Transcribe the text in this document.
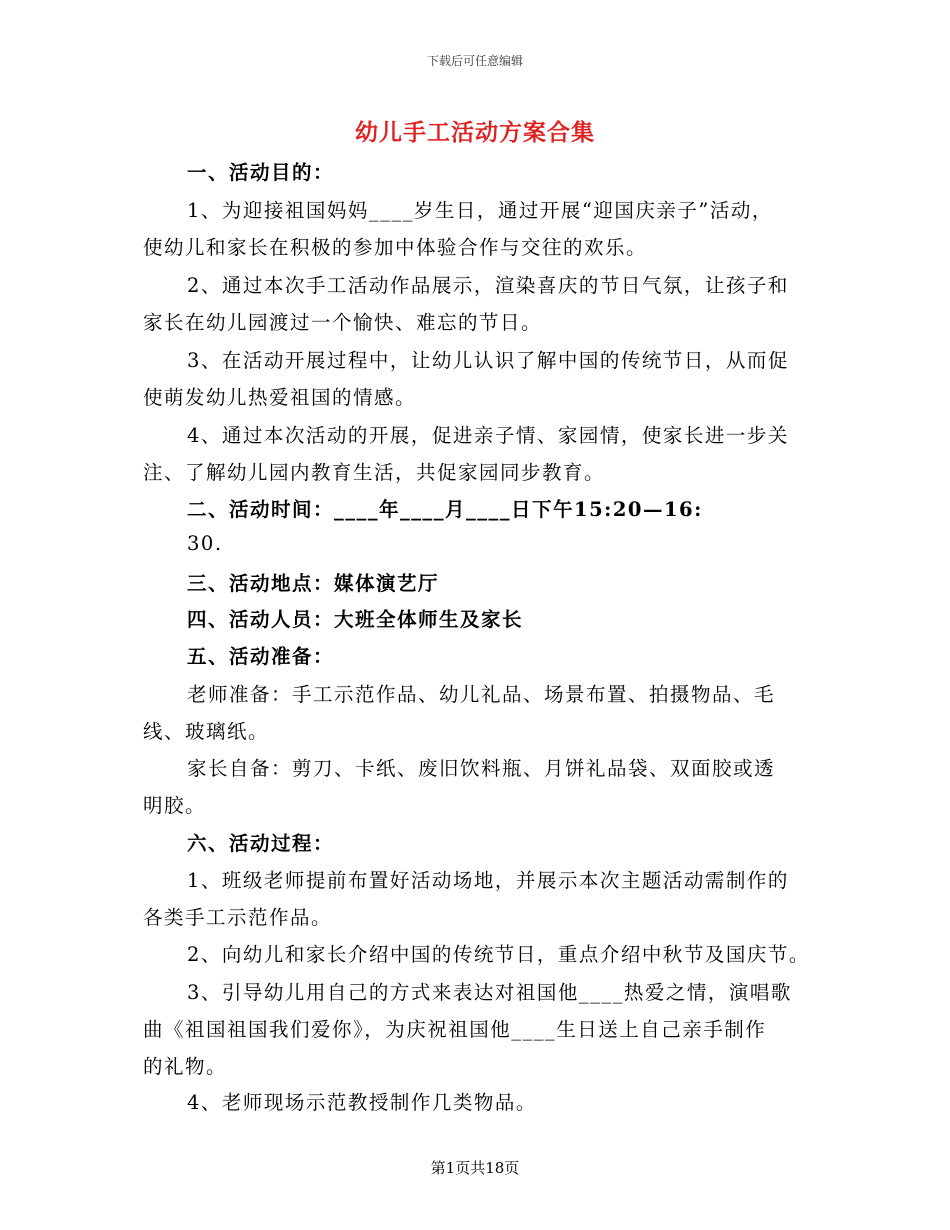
下载后可任意编辑
幼儿手工活动方案合集
一、活动目的：
1、为迎接祖国妈妈____岁生日，通过开展“迎国庆亲子”活动，
使幼儿和家长在积极的参加中体验合作与交往的欢乐。
2、通过本次手工活动作品展示，渲染喜庆的节日气氛，让孩子和
家长在幼儿园渡过一个愉快、难忘的节日。
3、在活动开展过程中，让幼儿认识了解中国的传统节日，从而促
使萌发幼儿热爱祖国的情感。
4、通过本次活动的开展，促进亲子情、家园情，使家长进一步关
注、了解幼儿园内教育生活，共促家园同步教育。
二、活动时间：____年____月____日下午15:20—16:
30.
三、活动地点：媒体演艺厅
四、活动人员：大班全体师生及家长
五、活动准备：
老师准备：手工示范作品、幼儿礼品、场景布置、拍摄物品、毛
线、玻璃纸。
家长自备：剪刀、卡纸、废旧饮料瓶、月饼礼品袋、双面胶或透
明胶。
六、活动过程：
1、班级老师提前布置好活动场地，并展示本次主题活动需制作的
各类手工示范作品。
2、向幼儿和家长介绍中国的传统节日，重点介绍中秋节及国庆节。
3、引导幼儿用自己的方式来表达对祖国他____热爱之情，演唱歌
曲《祖国祖国我们爱你》，为庆祝祖国他____生日送上自己亲手制作
的礼物。
4、老师现场示范教授制作几类物品。
第1页共18页
